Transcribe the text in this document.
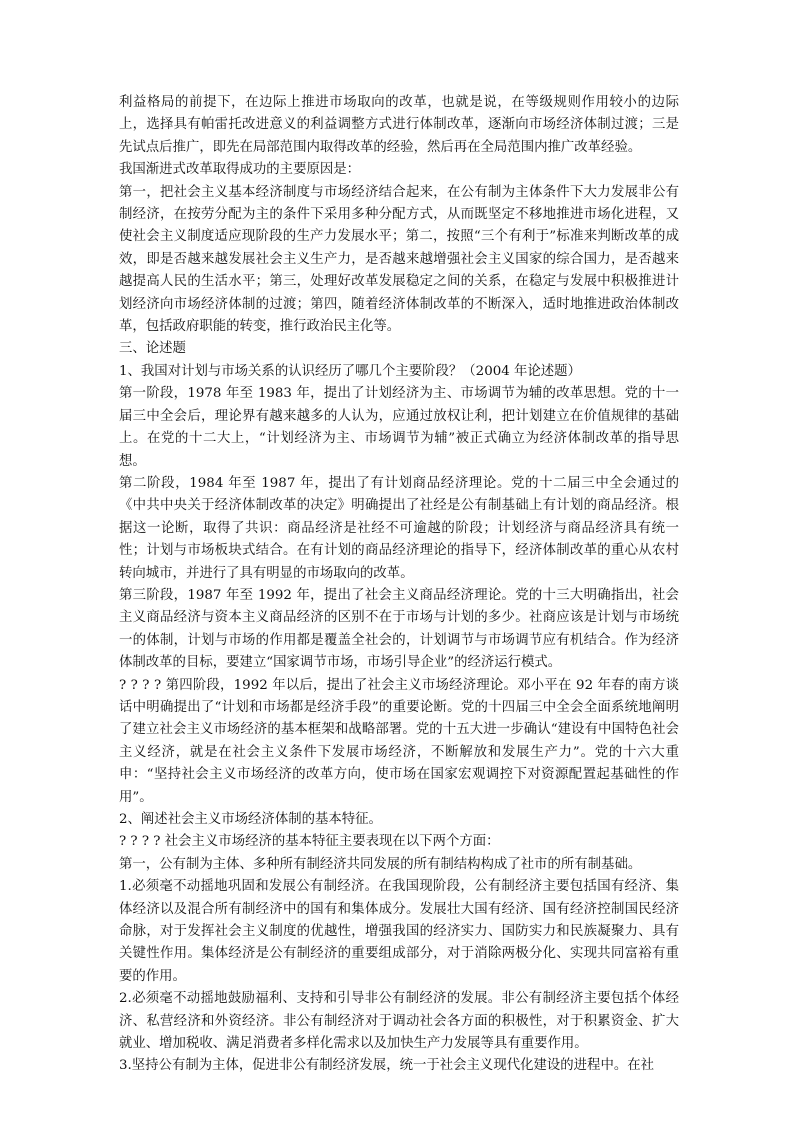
利益格局的前提下，在边际上推进市场取向的改革，也就是说，在等级规则作用较小的边际上，选择具有帕雷托改进意义的利益调整方式进行体制改革，逐渐向市场经济体制过渡；三是先试点后推广，即先在局部范围内取得改革的经验，然后再在全局范围内推广改革经验。

我国渐进式改革取得成功的主要原因是：

第一，把社会主义基本经济制度与市场经济结合起来，在公有制为主体条件下大力发展非公有制经济，在按劳分配为主的条件下采用多种分配方式，从而既坚定不移地推进市场化进程，又使社会主义制度适应现阶段的生产力发展水平；第二，按照“三个有利于”标准来判断改革的成效，即是否越来越发展社会主义生产力，是否越来越增强社会主义国家的综合国力，是否越来越提高人民的生活水平；第三，处理好改革发展稳定之间的关系，在稳定与发展中积极推进计划经济向市场经济体制的过渡；第四，随着经济体制改革的不断深入，适时地推进政治体制改革，包括政府职能的转变，推行政治民主化等。

三、论述题

1、我国对计划与市场关系的认识经历了哪几个主要阶段？（2004 年论述题）

第一阶段，1978 年至 1983 年，提出了计划经济为主、市场调节为辅的改革思想。党的十一届三中全会后，理论界有越来越多的人认为，应通过放权让利，把计划建立在价值规律的基础上。在党的十二大上，“计划经济为主、市场调节为辅”被正式确立为经济体制改革的指导思想。

第二阶段，1984 年至 1987 年，提出了有计划商品经济理论。党的十二届三中全会通过的《中共中央关于经济体制改革的决定》明确提出了社经是公有制基础上有计划的商品经济。根据这一论断，取得了共识：商品经济是社经不可逾越的阶段；计划经济与商品经济具有统一性；计划与市场板块式结合。在有计划的商品经济理论的指导下，经济体制改革的重心从农村转向城市，并进行了具有明显的市场取向的改革。

第三阶段，1987 年至 1992 年，提出了社会主义商品经济理论。党的十三大明确指出，社会主义商品经济与资本主义商品经济的区别不在于市场与计划的多少。社商应该是计划与市场统一的体制，计划与市场的作用都是覆盖全社会的，计划调节与市场调节应有机结合。作为经济体制改革的目标，要建立“国家调节市场，市场引导企业”的经济运行模式。

? ? ? ? 第四阶段，1992 年以后，提出了社会主义市场经济理论。邓小平在 92 年春的南方谈话中明确提出了“计划和市场都是经济手段”的重要论断。党的十四届三中全会全面系统地阐明了建立社会主义市场经济的基本框架和战略部署。党的十五大进一步确认“建设有中国特色社会主义经济，就是在社会主义条件下发展市场经济，不断解放和发展生产力”。党的十六大重申：“坚持社会主义市场经济的改革方向，使市场在国家宏观调控下对资源配置起基础性的作用”。

2、阐述社会主义市场经济体制的基本特征。

? ? ? ? 社会主义市场经济的基本特征主要表现在以下两个方面：

第一，公有制为主体、多种所有制经济共同发展的所有制结构构成了社市的所有制基础。

1.必须毫不动摇地巩固和发展公有制经济。在我国现阶段，公有制经济主要包括国有经济、集体经济以及混合所有制经济中的国有和集体成分。发展壮大国有经济、国有经济控制国民经济命脉，对于发挥社会主义制度的优越性，增强我国的经济实力、国防实力和民族凝聚力、具有关键性作用。集体经济是公有制经济的重要组成部分，对于消除两极分化、实现共同富裕有重要的作用。

2.必须毫不动摇地鼓励福利、支持和引导非公有制经济的发展。非公有制经济主要包括个体经济、私营经济和外资经济。非公有制经济对于调动社会各方面的积极性，对于积累资金、扩大就业、增加税收、满足消费者多样化需求以及加快生产力发展等具有重要作用。

3.坚持公有制为主体，促进非公有制经济发展，统一于社会主义现代化建设的进程中。在社
